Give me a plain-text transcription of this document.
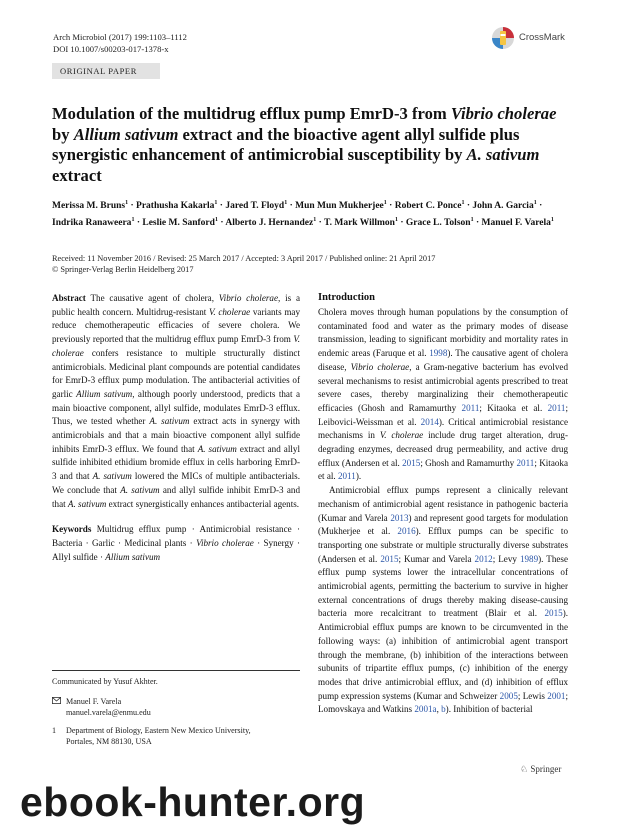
Arch Microbiol (2017) 199:1103–1112
DOI 10.1007/s00203-017-1378-x
CrossMark
ORIGINAL PAPER
Modulation of the multidrug efflux pump EmrD-3 from Vibrio cholerae by Allium sativum extract and the bioactive agent allyl sulfide plus synergistic enhancement of antimicrobial susceptibility by A. sativum extract
Merissa M. Bruns$^1$ · Prathusha Kakarla$^1$ · Jared T. Floyd$^1$ · Mun Mun Mukherjee$^1$ · Robert C. Ponce$^1$ · John A. Garcia$^1$ · Indrika Ranaweera$^1$ · Leslie M. Sanford$^1$ · Alberto J. Hernandez$^1$ · T. Mark Willmon$^1$ · Grace L. Tolson$^1$ · Manuel F. Varela$^1$
Received: 11 November 2016 / Revised: 25 March 2017 / Accepted: 3 April 2017 / Published online: 21 April 2017
© Springer-Verlag Berlin Heidelberg 2017

Abstract The causative agent of cholera, Vibrio cholerae, is a public health concern. Multidrug-resistant V. cholerae variants may reduce chemotherapeutic efficacies of severe cholera. We previously reported that the multidrug efflux pump EmrD-3 from V. cholerae confers resistance to multiple structurally distinct antimicrobials. Medicinal plant compounds are potential candidates for EmrD-3 efflux pump modulation. The antibacterial activities of garlic Allium sativum, although poorly understood, predicts that a main bioactive component, allyl sulfide, modulates EmrD-3 efflux. Thus, we tested whether A. sativum extract acts in synergy with antimicrobials and that a main bioactive component allyl sulfide inhibits EmrD-3 efflux. We found that A. sativum extract and allyl sulfide inhibited ethidium bromide efflux in cells harboring EmrD-3 and that A. sativum lowered the MICs of multiple antibacterials. We conclude that A. sativum and allyl sulfide inhibit EmrD-3 and that A. sativum extract synergistically enhances antibacterial agents.

Keywords Multidrug efflux pump · Antimicrobial resistance · Bacteria · Garlic · Medicinal plants · Vibrio cholerae · Synergy · Allyl sulfide · Allium sativum

Communicated by Yusuf Akhter.
Manuel F. Varela
manuel.varela@enmu.edu
1 Department of Biology, Eastern New Mexico University,
Portales, NM 88130, USA

Introduction

Cholera moves through human populations by the consumption of contaminated food and water as the primary modes of disease transmission, leading to significant morbidity and mortality rates in endemic areas (Faruque et al. 1998). The causative agent of cholera disease, Vibrio cholerae, a Gram-negative bacterium has evolved several mechanisms to resist antimicrobial agents prescribed to treat severe cases, thereby marginalizing their chemotherapeutic efficacies (Ghosh and Ramamurthy 2011; Kitaoka et al. 2011; Leibovici-Weissman et al. 2014). Critical antimicrobial resistance mechanisms in V. cholerae include drug target alteration, drug-degrading enzymes, decreased drug permeability, and active drug efflux (Andersen et al. 2015; Ghosh and Ramamurthy 2011; Kitaoka et al. 2011).

Antimicrobial efflux pumps represent a clinically relevant mechanism of antimicrobial agent resistance in pathogenic bacteria (Kumar and Varela 2013) and represent good targets for modulation (Mukherjee et al. 2016). Efflux pumps can be specific to transporting one substrate or multiple structurally diverse substrates (Andersen et al. 2015; Kumar and Varela 2012; Levy 1989). These efflux pump systems lower the intracellular concentrations of antimicrobial agents, permitting the bacterium to survive in higher external concentrations of drugs thereby making disease-causing bacteria more recalcitrant to treatment (Blair et al. 2015). Antimicrobial efflux pumps are known to be circumvented in the following ways: (a) inhibition of antimicrobial agent transport through the membrane, (b) inhibition of the interactions between subunits of tripartite efflux pumps, (c) inhibition of the energy modes that drive antimicrobial efflux, and (d) inhibition of efflux pump expression systems (Kumar and Schweizer 2005; Lewis 2001; Lomovskaya and Watkins 2001a, b). Inhibition of bacterial

♘ Springer
ebook-hunter.org
